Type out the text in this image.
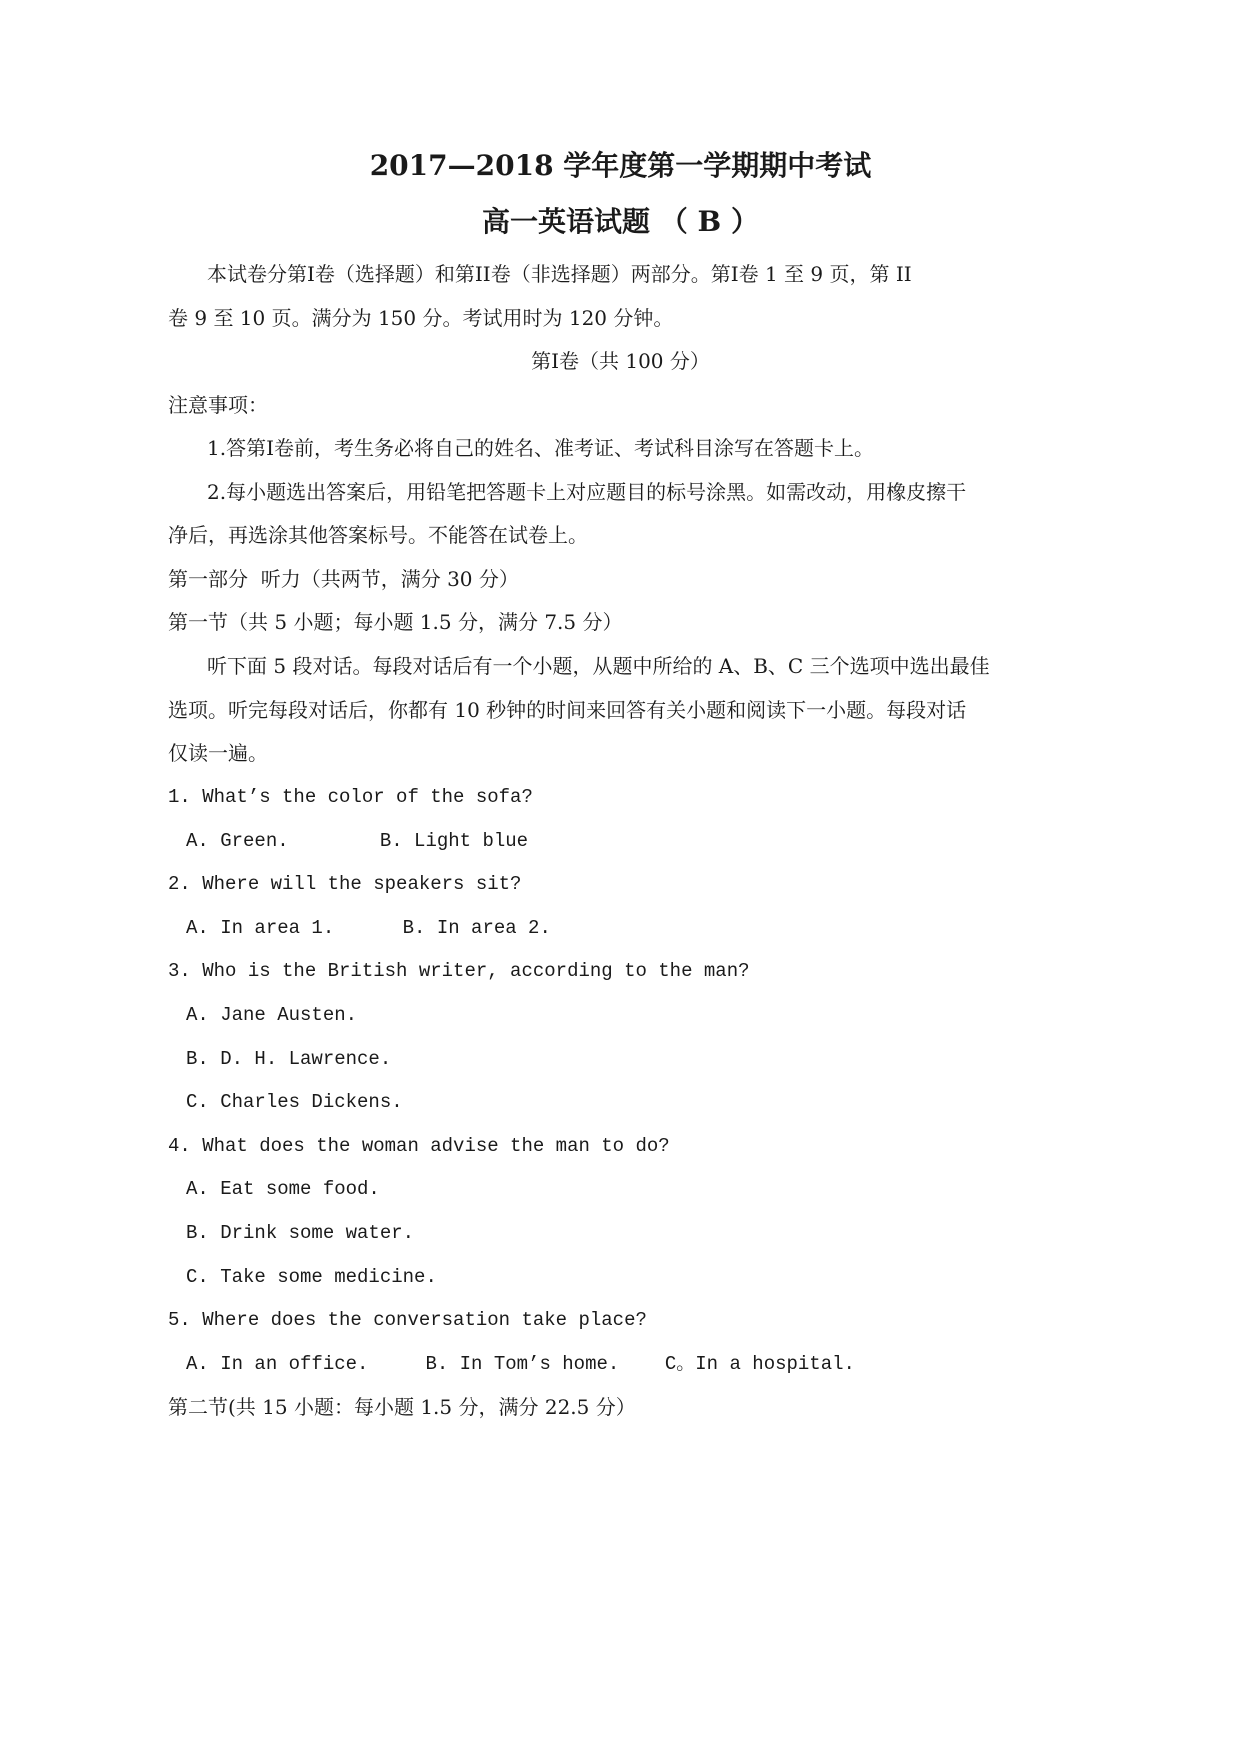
2017—2018 学年度第一学期期中考试
高一英语试题 （ B ）
本试卷分第Ⅰ卷（选择题）和第II卷（非选择题）两部分。第Ⅰ卷 1 至 9 页，第 II
卷 9 至 10 页。满分为 150 分。考试用时为 120 分钟。
第Ⅰ卷（共 100 分）
注意事项：
1.答第Ⅰ卷前，考生务必将自己的姓名、准考证、考试科目涂写在答题卡上。
2.每小题选出答案后，用铅笔把答题卡上对应题目的标号涂黑。如需改动，用橡皮擦干
净后，再选涂其他答案标号。不能答在试卷上。
第一部分  听力（共两节，满分 30 分）
第一节（共 5 小题；每小题 1.5 分，满分 7.5 分）
听下面 5 段对话。每段对话后有一个小题，从题中所给的 A、B、C 三个选项中选出最佳
选项。听完每段对话后，你都有 10 秒钟的时间来回答有关小题和阅读下一小题。每段对话
仅读一遍。
1. What’s the color of the sofa?
A. Green.        B. Light blue
2. Where will the speakers sit?
A. In area 1.      B. In area 2.
3. Who is the British writer, according to the man?
A. Jane Austen.
B. D. H. Lawrence.
C. Charles Dickens.
4. What does the woman advise the man to do?
A. Eat some food.
B. Drink some water.
C. Take some medicine.
5. Where does the conversation take place?
A. In an office.     B. In Tom’s home.    C。In a hospital.
第二节(共 15 小题：每小题 1.5 分，满分 22.5 分）
